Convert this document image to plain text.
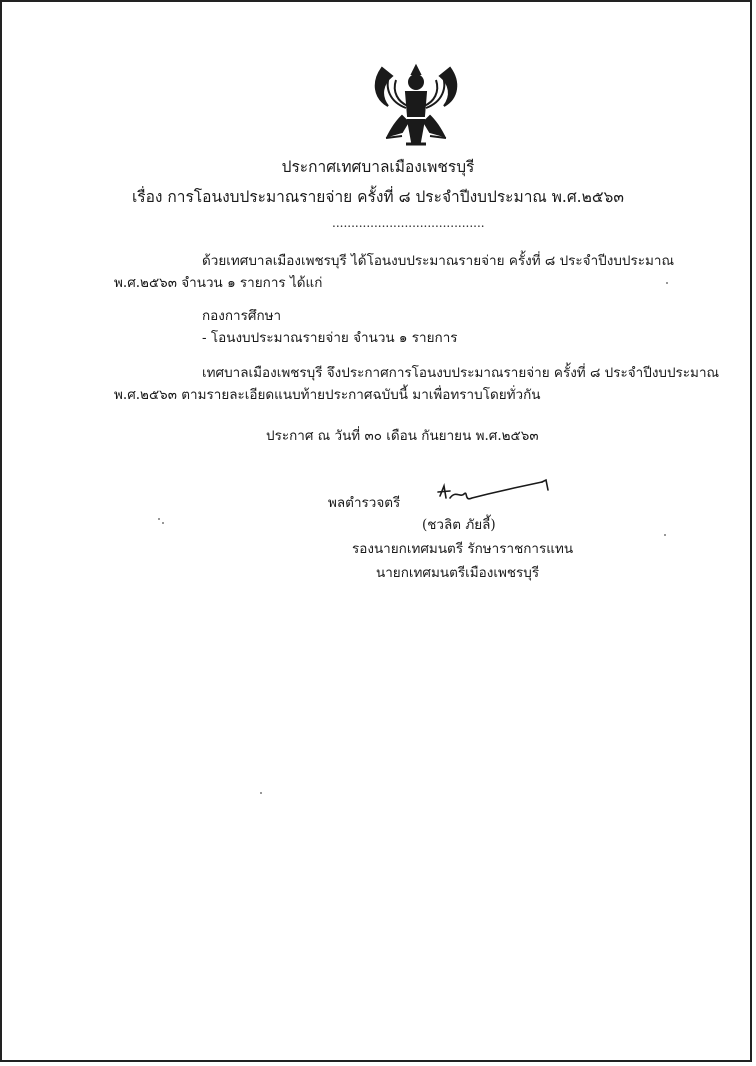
ประกาศเทศบาลเมืองเพชรบุรี
เรื่อง การโอนงบประมาณรายจ่าย ครั้งที่ ๘ ประจำปีงบประมาณ พ.ศ.๒๕๖๓
........................................
ด้วยเทศบาลเมืองเพชรบุรี ได้โอนงบประมาณรายจ่าย ครั้งที่ ๘ ประจำปีงบประมาณ
พ.ศ.๒๕๖๓ จำนวน ๑ รายการ ได้แก่
กองการศึกษา
- โอนงบประมาณรายจ่าย จำนวน ๑ รายการ
เทศบาลเมืองเพชรบุรี จึงประกาศการโอนงบประมาณรายจ่าย ครั้งที่ ๘ ประจำปีงบประมาณ
พ.ศ.๒๕๖๓ ตามรายละเอียดแนบท้ายประกาศฉบับนี้ มาเพื่อทราบโดยทั่วกัน
ประกาศ ณ วันที่ ๓๐ เดือน กันยายน พ.ศ.๒๕๖๓
พลตำรวจตรี
(ชวลิต ภัยลี้)
รองนายกเทศมนตรี รักษาราชการแทน
นายกเทศมนตรีเมืองเพชรบุรี
